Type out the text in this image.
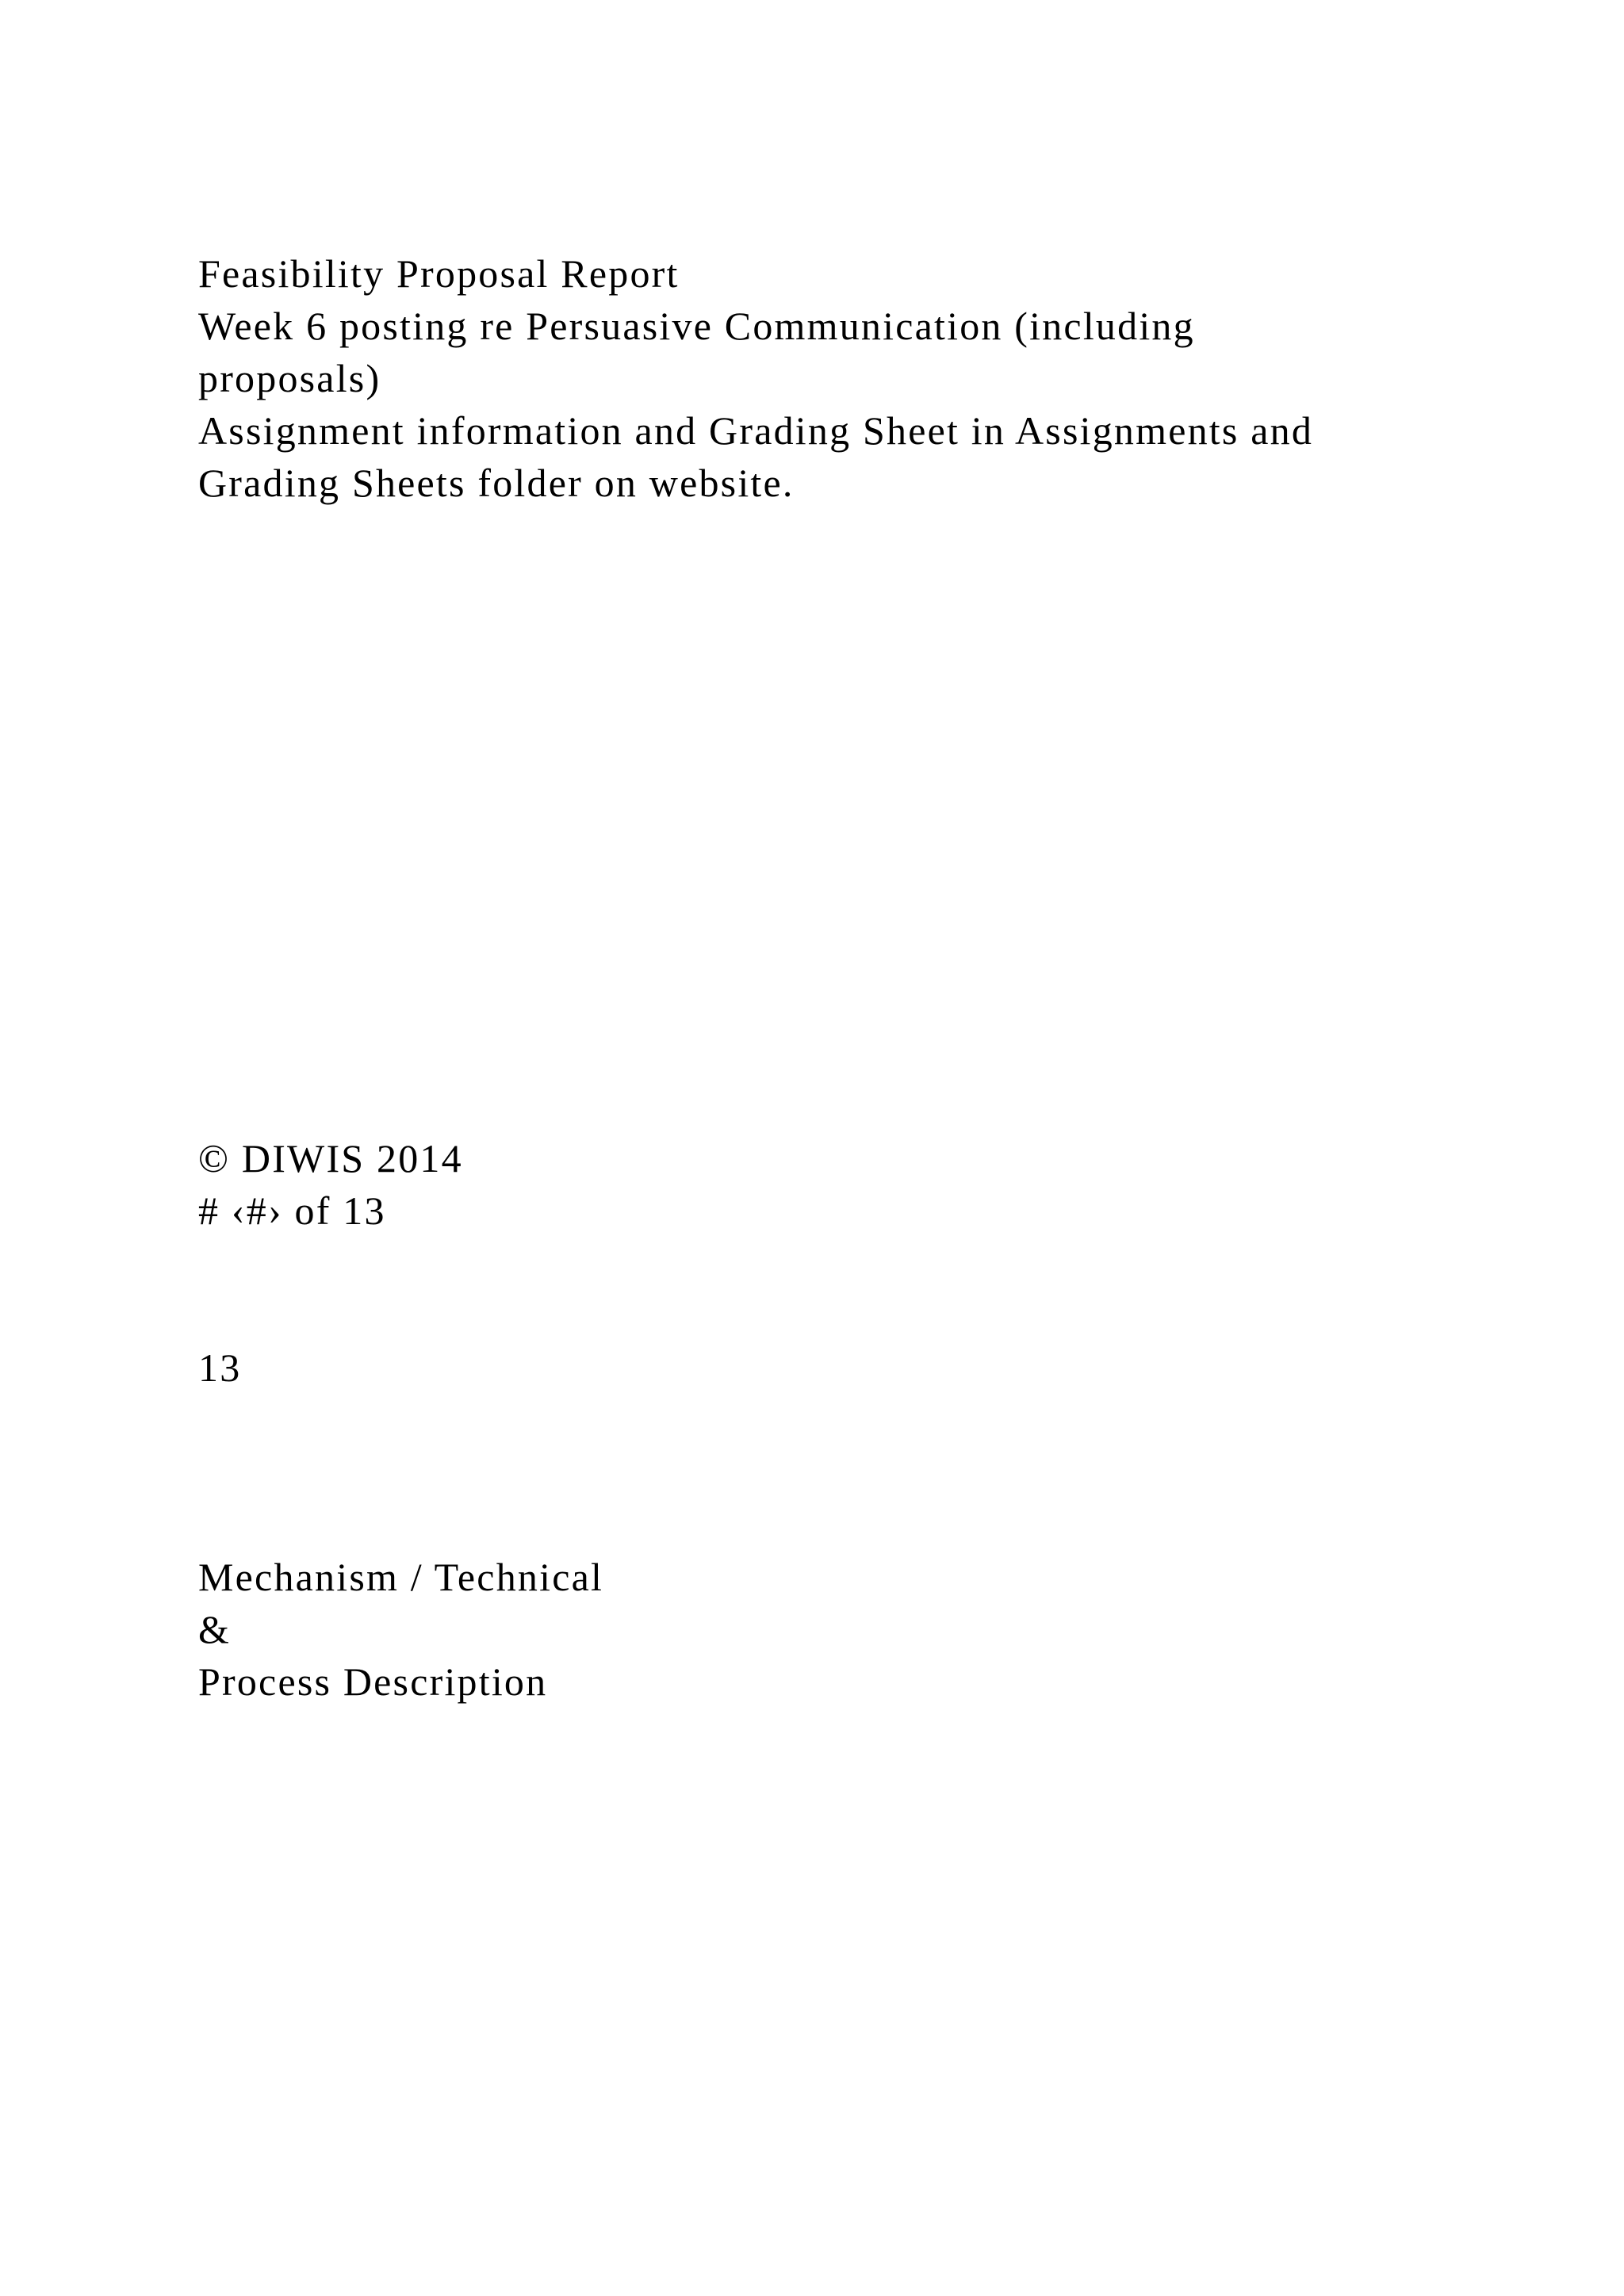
Feasibility Proposal Report
Week 6 posting re Persuasive Communication (including
proposals)
Assignment information and Grading Sheet in Assignments and
Grading Sheets folder on website.
© DIWIS 2014
# ‹#› of 13
13
Mechanism / Technical
&
Process Description
